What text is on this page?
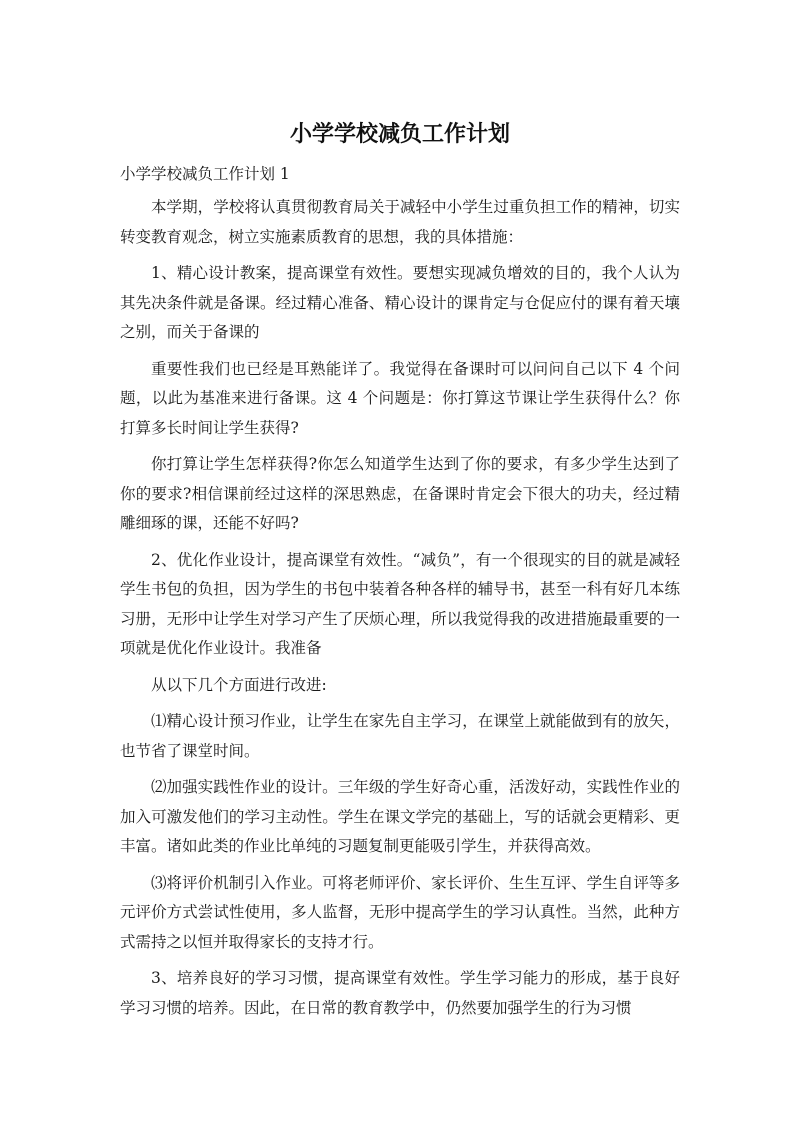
小学学校减负工作计划
小学学校减负工作计划 1

本学期，学校将认真贯彻教育局关于减轻中小学生过重负担工作的精神，切实转变教育观念，树立实施素质教育的思想，我的具体措施：

1、精心设计教案，提高课堂有效性。要想实现减负增效的目的，我个人认为其先决条件就是备课。经过精心准备、精心设计的课肯定与仓促应付的课有着天壤之别，而关于备课的

重要性我们也已经是耳熟能详了。我觉得在备课时可以问问自己以下 4 个问题，以此为基准来进行备课。这 4 个问题是：你打算这节课让学生获得什么？你打算多长时间让学生获得?

你打算让学生怎样获得?你怎么知道学生达到了你的要求，有多少学生达到了你的要求?相信课前经过这样的深思熟虑，在备课时肯定会下很大的功夫，经过精雕细琢的课，还能不好吗?

2、优化作业设计，提高课堂有效性。“减负”，有一个很现实的目的就是减轻学生书包的负担，因为学生的书包中装着各种各样的辅导书，甚至一科有好几本练习册，无形中让学生对学习产生了厌烦心理，所以我觉得我的改进措施最重要的一项就是优化作业设计。我准备

从以下几个方面进行改进:

⑴精心设计预习作业，让学生在家先自主学习，在课堂上就能做到有的放矢，也节省了课堂时间。

⑵加强实践性作业的设计。三年级的学生好奇心重，活泼好动，实践性作业的加入可激发他们的学习主动性。学生在课文学完的基础上，写的话就会更精彩、更丰富。诸如此类的作业比单纯的习题复制更能吸引学生，并获得高效。

⑶将评价机制引入作业。可将老师评价、家长评价、生生互评、学生自评等多元评价方式尝试性使用，多人监督，无形中提高学生的学习认真性。当然，此种方式需持之以恒并取得家长的支持才行。

3、培养良好的学习习惯，提高课堂有效性。学生学习能力的形成，基于良好学习习惯的培养。因此，在日常的教育教学中，仍然要加强学生的行为习惯
